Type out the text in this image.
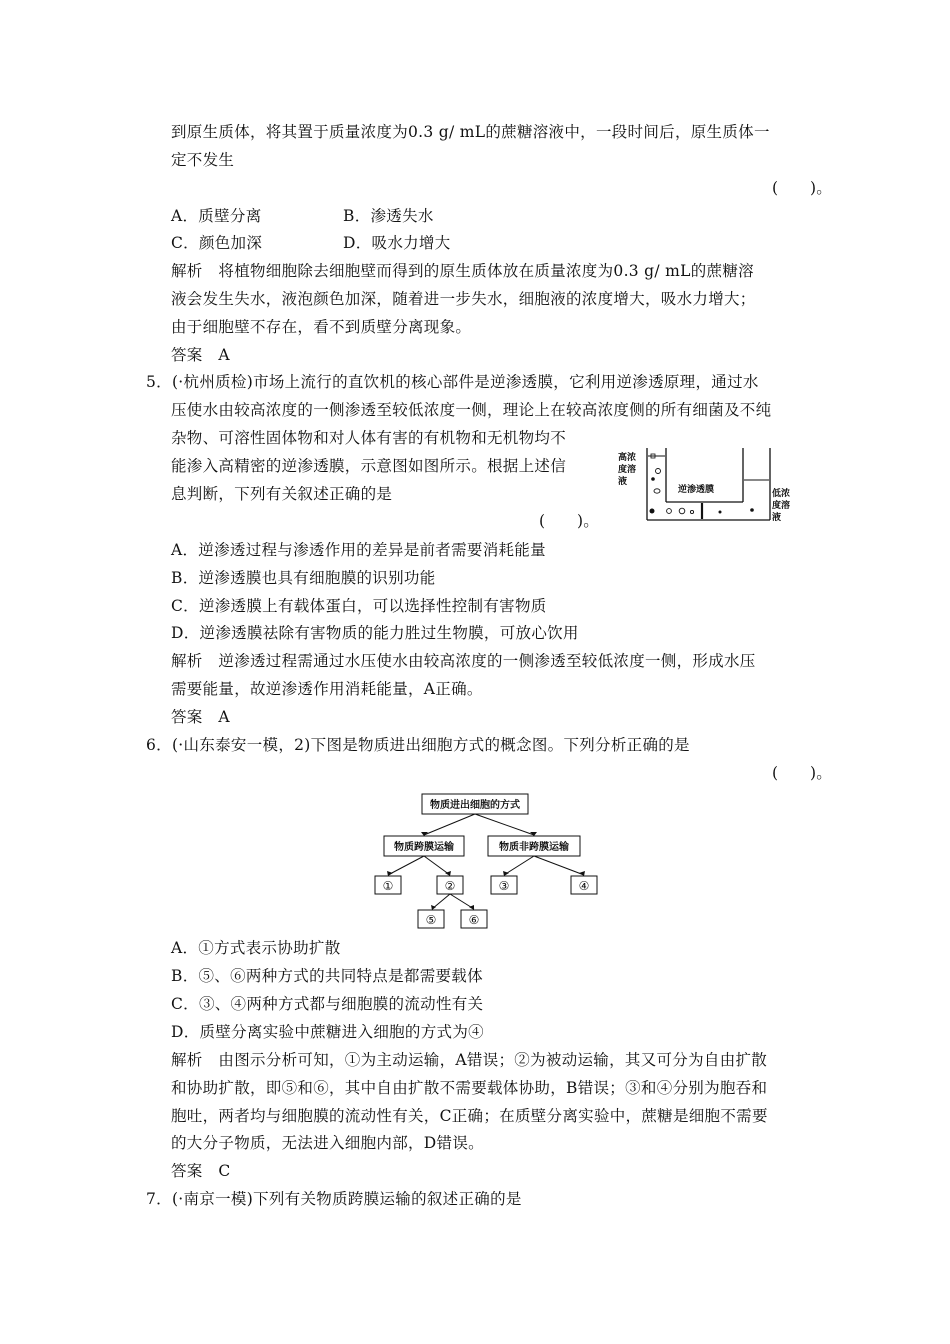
到原生质体，将其置于质量浓度为0.3 g/ mL的蔗糖溶液中，一段时间后，原生质体一
定不发生
(　　)。
A．质壁分离	B．渗透失水
C．颜色加深	D．吸水力增大
解析　将植物细胞除去细胞壁而得到的原生质体放在质量浓度为0.3 g/ mL的蔗糖溶
液会发生失水，液泡颜色加深，随着进一步失水，细胞液的浓度增大，吸水力增大；
由于细胞壁不存在，看不到质壁分离现象。
答案　A
5．(·杭州质检)市场上流行的直饮机的核心部件是逆渗透膜，它利用逆渗透原理，通过水
压使水由较高浓度的一侧渗透至较低浓度一侧，理论上在较高浓度侧的所有细菌及不纯
杂物、可溶性固体物和对人体有害的有机物和无机物均不
能渗入高精密的逆渗透膜，示意图如图所示。根据上述信
息判断，下列有关叙述正确的是
(　　)。
高浓
度溶
液
逆渗透膜	低浓
度溶
液
A．逆渗透过程与渗透作用的差异是前者需要消耗能量
B．逆渗透膜也具有细胞膜的识别功能
C．逆渗透膜上有载体蛋白，可以选择性控制有害物质
D．逆渗透膜祛除有害物质的能力胜过生物膜，可放心饮用
解析　逆渗透过程需通过水压使水由较高浓度的一侧渗透至较低浓度一侧，形成水压
需要能量，故逆渗透作用消耗能量，A正确。
答案　A
6．(·山东泰安一模，2)下图是物质进出细胞方式的概念图。下列分析正确的是
(　　)。
物质进出细胞的方式
物质跨膜运输	物质非跨膜运输
①	②	③	④
⑤	⑥
A．①方式表示协助扩散
B．⑤、⑥两种方式的共同特点是都需要载体
C．③、④两种方式都与细胞膜的流动性有关
D．质壁分离实验中蔗糖进入细胞的方式为④
解析　由图示分析可知，①为主动运输，A错误；②为被动运输，其又可分为自由扩散
和协助扩散，即⑤和⑥，其中自由扩散不需要载体协助，B错误；③和④分别为胞吞和
胞吐，两者均与细胞膜的流动性有关，C正确；在质壁分离实验中，蔗糖是细胞不需要
的大分子物质，无法进入细胞内部，D错误。
答案　C
7．(·南京一模)下列有关物质跨膜运输的叙述正确的是
